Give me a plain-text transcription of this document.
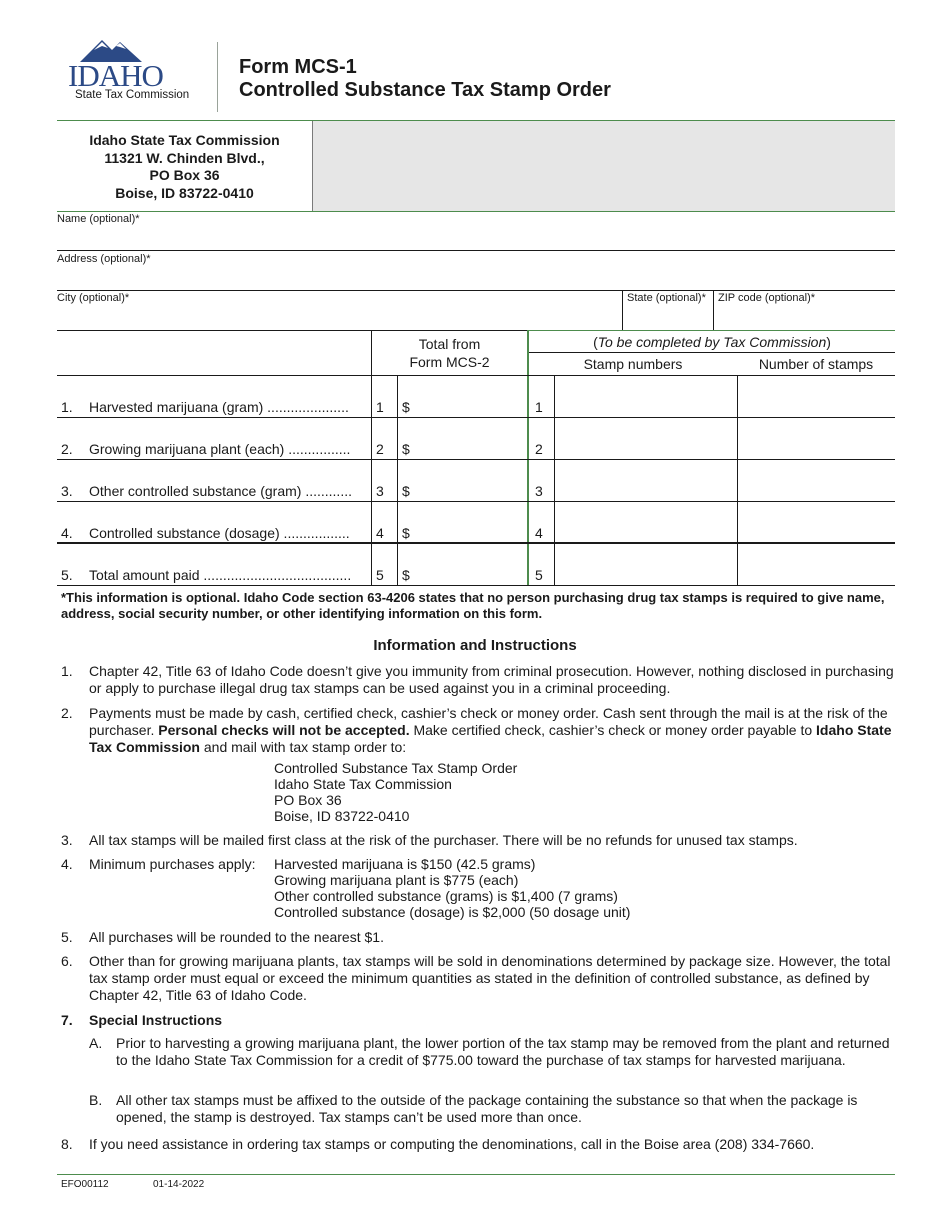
IDAHO
State Tax Commission
Form MCS-1
Controlled Substance Tax Stamp Order
Idaho State Tax Commission
11321 W. Chinden Blvd.,
PO Box 36
Boise, ID 83722-0410
Name (optional)*
Address (optional)*
City (optional)*	State (optional)* ZIP code (optional)*
Total from
Form MCS-2
(To be completed by Tax Commission)
Stamp numbers	Number of stamps
1. Harvested marijuana (gram) ..................... 1 $	1
2. Growing marijuana plant (each) ................ 2 $	2
3. Other controlled substance (gram) ............ 3 $	3
4. Controlled substance (dosage) ................. 4 $	4
5. Total amount paid ...................................... 5 $	5
*This information is optional. Idaho Code section 63-4206 states that no person purchasing drug tax stamps is required to give name, address, social security number, or other identifying information on this form.
Information and Instructions
1. Chapter 42, Title 63 of Idaho Code doesn’t give you immunity from criminal prosecution. However, nothing disclosed in purchasing or apply to purchase illegal drug tax stamps can be used against you in a criminal proceeding.
2. Payments must be made by cash, certified check, cashier’s check or money order. Cash sent through the mail is at the risk of the purchaser. Personal checks will not be accepted. Make certified check, cashier’s check or money order payable to Idaho State Tax Commission and mail with tax stamp order to:
Controlled Substance Tax Stamp Order
Idaho State Tax Commission
PO Box 36
Boise, ID 83722-0410
3. All tax stamps will be mailed first class at the risk of the purchaser. There will be no refunds for unused tax stamps.
4. Minimum purchases apply:	Harvested marijuana is $150 (42.5 grams)
Growing marijuana plant is $775 (each)
Other controlled substance (grams) is $1,400 (7 grams)
Controlled substance (dosage) is $2,000 (50 dosage unit)
5. All purchases will be rounded to the nearest $1.
6. Other than for growing marijuana plants, tax stamps will be sold in denominations determined by package size. However, the total tax stamp order must equal or exceed the minimum quantities as stated in the definition of controlled substance, as defined by Chapter 42, Title 63 of Idaho Code.
7. Special Instructions
A. Prior to harvesting a growing marijuana plant, the lower portion of the tax stamp may be removed from the plant and returned to the Idaho State Tax Commission for a credit of $775.00 toward the purchase of tax stamps for harvested marijuana.
B. All other tax stamps must be affixed to the outside of the package containing the substance so that when the package is opened, the stamp is destroyed. Tax stamps can’t be used more than once.
8. If you need assistance in ordering tax stamps or computing the denominations, call in the Boise area (208) 334-7660.
EFO00112	01-14-2022
